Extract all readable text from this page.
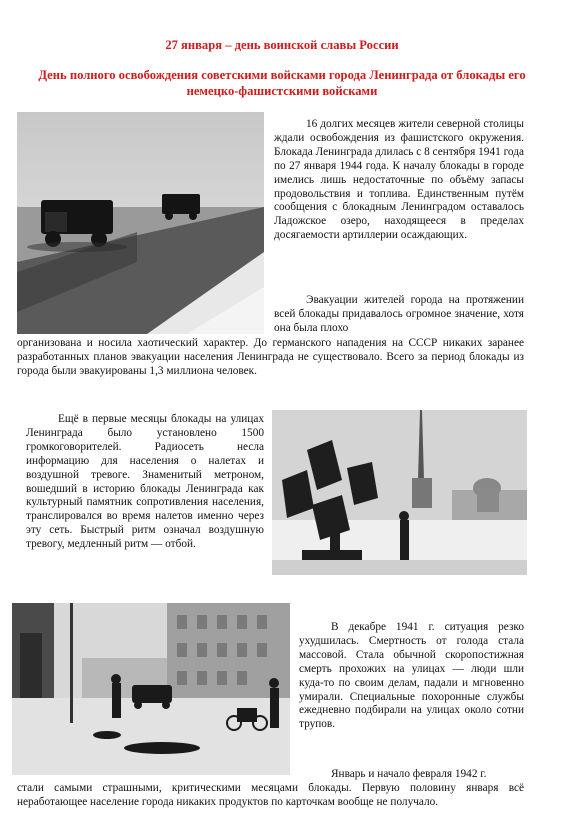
27 января – день воинской славы России
День полного освобождения советскими войсками города Ленинграда от блокады его немецко-фашистскими войсками

16 долгих месяцев жители северной столицы ждали освобождения из фашистского окружения. Блокада Ленинграда длилась с 8 сентября 1941 года по 27 января 1944 года. К началу блокады в городе имелись лишь недостаточные по объёму запасы продовольствия и топлива. Единственным путём сообщения с блокадным Ленинградом оставалось Ладожское озеро, находящееся в пределах досягаемости артиллерии осаждающих.

Эвакуации жителей города на протяжении всей блокады придавалось огромное значение, хотя она была плохо

организована и носила хаотический характер. До германского нападения на СССР никаких заранее разработанных планов эвакуации населения Ленинграда не существовало. Всего за период блокады из города были эвакуированы 1,3 миллиона человек.

Ещё в первые месяцы блокады на улицах Ленинграда было установлено 1500 громкоговорителей. Радиосеть несла информацию для населения о налетах и воздушной тревоге. Знаменитый метроном, вошедший в историю блокады Ленинграда как культурный памятник сопротивления населения, транслировался во время налетов именно через эту сеть. Быстрый ритм означал воздушную тревогу, медленный ритм — отбой.

В декабре 1941 г. ситуация резко ухудшилась. Смертность от голода стала массовой. Стала обычной скоропостижная смерть прохожих на улицах — люди шли куда-то по своим делам, падали и мгновенно умирали. Специальные похоронные службы ежедневно подбирали на улицах около сотни трупов.

Январь и начало февраля 1942 г.

стали самыми страшными, критическими месяцами блокады. Первую половину января всё неработающее население города никаких продуктов по карточкам вообще не получало.
